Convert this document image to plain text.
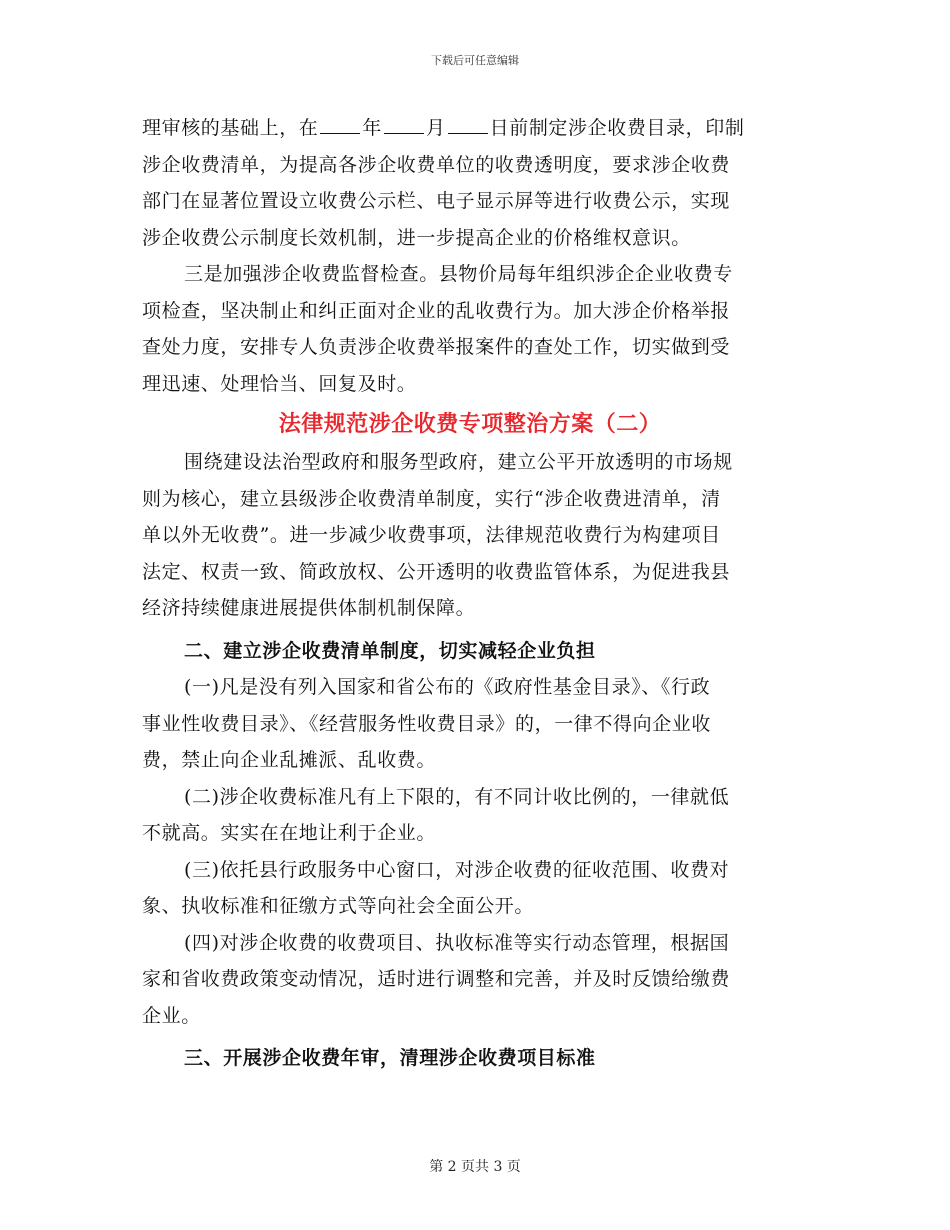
下载后可任意编辑
理审核的基础上，在 年 月 日前制定涉企收费目录，印制
涉企收费清单，为提高各涉企收费单位的收费透明度，要求涉企收费
部门在显著位置设立收费公示栏、电子显示屏等进行收费公示，实现
涉企收费公示制度长效机制，进一步提高企业的价格维权意识。
三是加强涉企收费监督检查。县物价局每年组织涉企企业收费专
项检查，坚决制止和纠正面对企业的乱收费行为。加大涉企价格举报
查处力度，安排专人负责涉企收费举报案件的查处工作，切实做到受
理迅速、处理恰当、回复及时。
法律规范涉企收费专项整治方案（二）
围绕建设法治型政府和服务型政府，建立公平开放透明的市场规
则为核心，建立县级涉企收费清单制度，实行“涉企收费进清单，清
单以外无收费”。进一步减少收费事项，法律规范收费行为构建项目
法定、权责一致、简政放权、公开透明的收费监管体系，为促进我县
经济持续健康进展提供体制机制保障。
二、建立涉企收费清单制度，切实减轻企业负担
(一)凡是没有列入国家和省公布的《政府性基金目录》、《行政
事业性收费目录》、《经营服务性收费目录》的，一律不得向企业收
费，禁止向企业乱摊派、乱收费。
(二)涉企收费标准凡有上下限的，有不同计收比例的，一律就低
不就高。实实在在地让利于企业。
(三)依托县行政服务中心窗口，对涉企收费的征收范围、收费对
象、执收标准和征缴方式等向社会全面公开。
(四)对涉企收费的收费项目、执收标准等实行动态管理，根据国
家和省收费政策变动情况，适时进行调整和完善，并及时反馈给缴费
企业。
三、开展涉企收费年审，清理涉企收费项目标准
第 2 页共 3 页
